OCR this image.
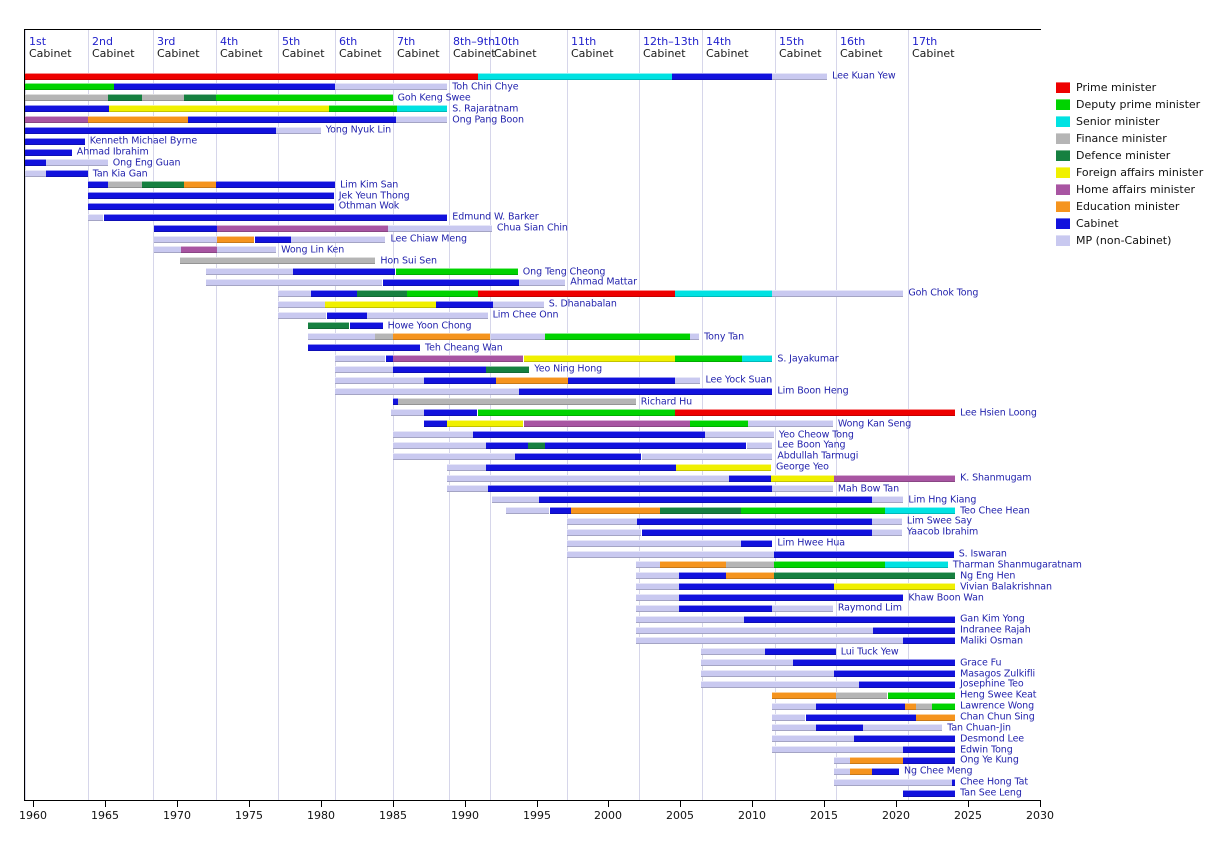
1st
Cabinet
2nd
Cabinet
3rd
Cabinet
4th
Cabinet
5th
Cabinet
6th
Cabinet
7th
Cabinet
8th–9th
Cabinet
10th
Cabinet
11th
Cabinet
12th–13th
Cabinet
14th
Cabinet
15th
Cabinet
16th
Cabinet
17th
Cabinet
Lee Kuan Yew
Toh Chin Chye
Goh Keng Swee
S. Rajaratnam
Ong Pang Boon
Yong Nyuk Lin
Kenneth Michael Byrne
Ahmad Ibrahim
Ong Eng Guan
Tan Kia Gan
Lim Kim San
Jek Yeun Thong
Othman Wok
Edmund W. Barker
Chua Sian Chin
Lee Chiaw Meng
Wong Lin Ken
Hon Sui Sen
Ong Teng Cheong
Ahmad Mattar
Goh Chok Tong
S. Dhanabalan
Lim Chee Onn
Howe Yoon Chong
Tony Tan
Teh Cheang Wan
S. Jayakumar
Yeo Ning Hong
Lee Yock Suan
Lim Boon Heng
Richard Hu
Lee Hsien Loong
Wong Kan Seng
Yeo Cheow Tong
Lee Boon Yang
Abdullah Tarmugi
George Yeo
K. Shanmugam
Mah Bow Tan
Lim Hng Kiang
Teo Chee Hean
Lim Swee Say
Yaacob Ibrahim
Lim Hwee Hua
S. Iswaran
Tharman Shanmugaratnam
Ng Eng Hen
Vivian Balakrishnan
Khaw Boon Wan
Raymond Lim
Gan Kim Yong
Indranee Rajah
Maliki Osman
Lui Tuck Yew
Grace Fu
Masagos Zulkifli
Josephine Teo
Heng Swee Keat
Lawrence Wong
Chan Chun Sing
Tan Chuan-Jin
Desmond Lee
Edwin Tong
Ong Ye Kung
Ng Chee Meng
Chee Hong Tat
Tan See Leng
1960	1965	1970	1975	1980	1985	1990	1995	2000	2005	2010	2015	2020	2025	2030
Prime minister
Deputy prime minister
Senior minister
Finance minister
Defence minister
Foreign affairs minister
Home affairs minister
Education minister
Cabinet
MP (non-Cabinet)
